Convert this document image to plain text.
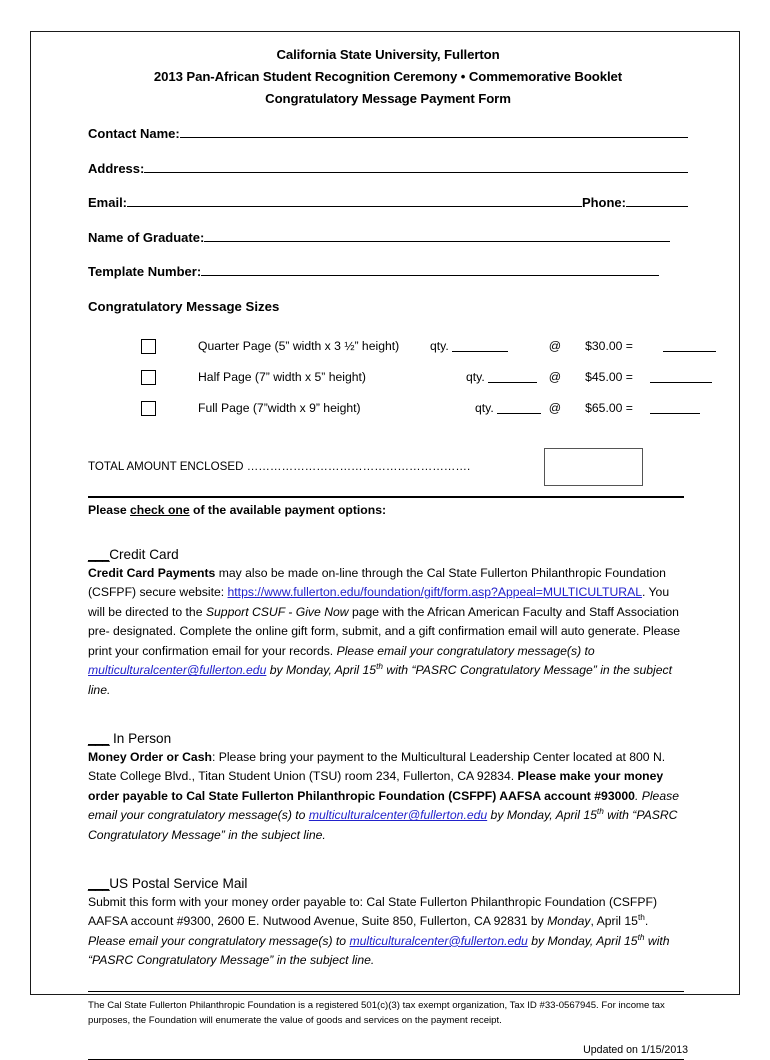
California State University, Fullerton
2013 Pan-African Student Recognition Ceremony • Commemorative Booklet
Congratulatory Message Payment Form
Contact Name:
Address:
Email:	Phone:
Name of Graduate:
Template Number:
Congratulatory Message Sizes
Quarter Page (5” width x 3 ½” height)	qty.	@ $30.00 =
Half Page (7” width x 5” height)	qty.	@ $45.00 =
Full Page (7”width x 9” height)	qty.	@ $65.00 =
TOTAL AMOUNT ENCLOSED ………………………………………………….
Please check one of the available payment options:
___Credit Card
Credit Card Payments may also be made on-line through the Cal State Fullerton Philanthropic Foundation (CSFPF) secure website: https://www.fullerton.edu/foundation/gift/form.asp?Appeal=MULTICULTURAL. You will be directed to the Support CSUF - Give Now page with the African American Faculty and Staff Association pre- designated. Complete the online gift form, submit, and a gift confirmation email will auto generate. Please print your confirmation email for your records. Please email your congratulatory message(s) to multiculturalcenter@fullerton.edu by Monday, April 15th with “PASRC Congratulatory Message” in the subject line.
___ In Person
Money Order or Cash: Please bring your payment to the Multicultural Leadership Center located at 800 N. State College Blvd., Titan Student Union (TSU) room 234, Fullerton, CA 92834. Please make your money order payable to Cal State Fullerton Philanthropic Foundation (CSFPF) AAFSA account #93000. Please email your congratulatory message(s) to multiculturalcenter@fullerton.edu by Monday, April 15th with “PASRC Congratulatory Message” in the subject line.
___US Postal Service Mail
Submit this form with your money order payable to: Cal State Fullerton Philanthropic Foundation (CSFPF) AAFSA account #9300, 2600 E. Nutwood Avenue, Suite 850, Fullerton, CA 92831 by Monday, April 15th. Please email your congratulatory message(s) to multiculturalcenter@fullerton.edu by Monday, April 15th with “PASRC Congratulatory Message” in the subject line.
The Cal State Fullerton Philanthropic Foundation is a registered 501(c)(3) tax exempt organization, Tax ID #33-0567945. For income tax purposes, the Foundation will enumerate the value of goods and services on the payment receipt.
Updated on 1/15/2013
